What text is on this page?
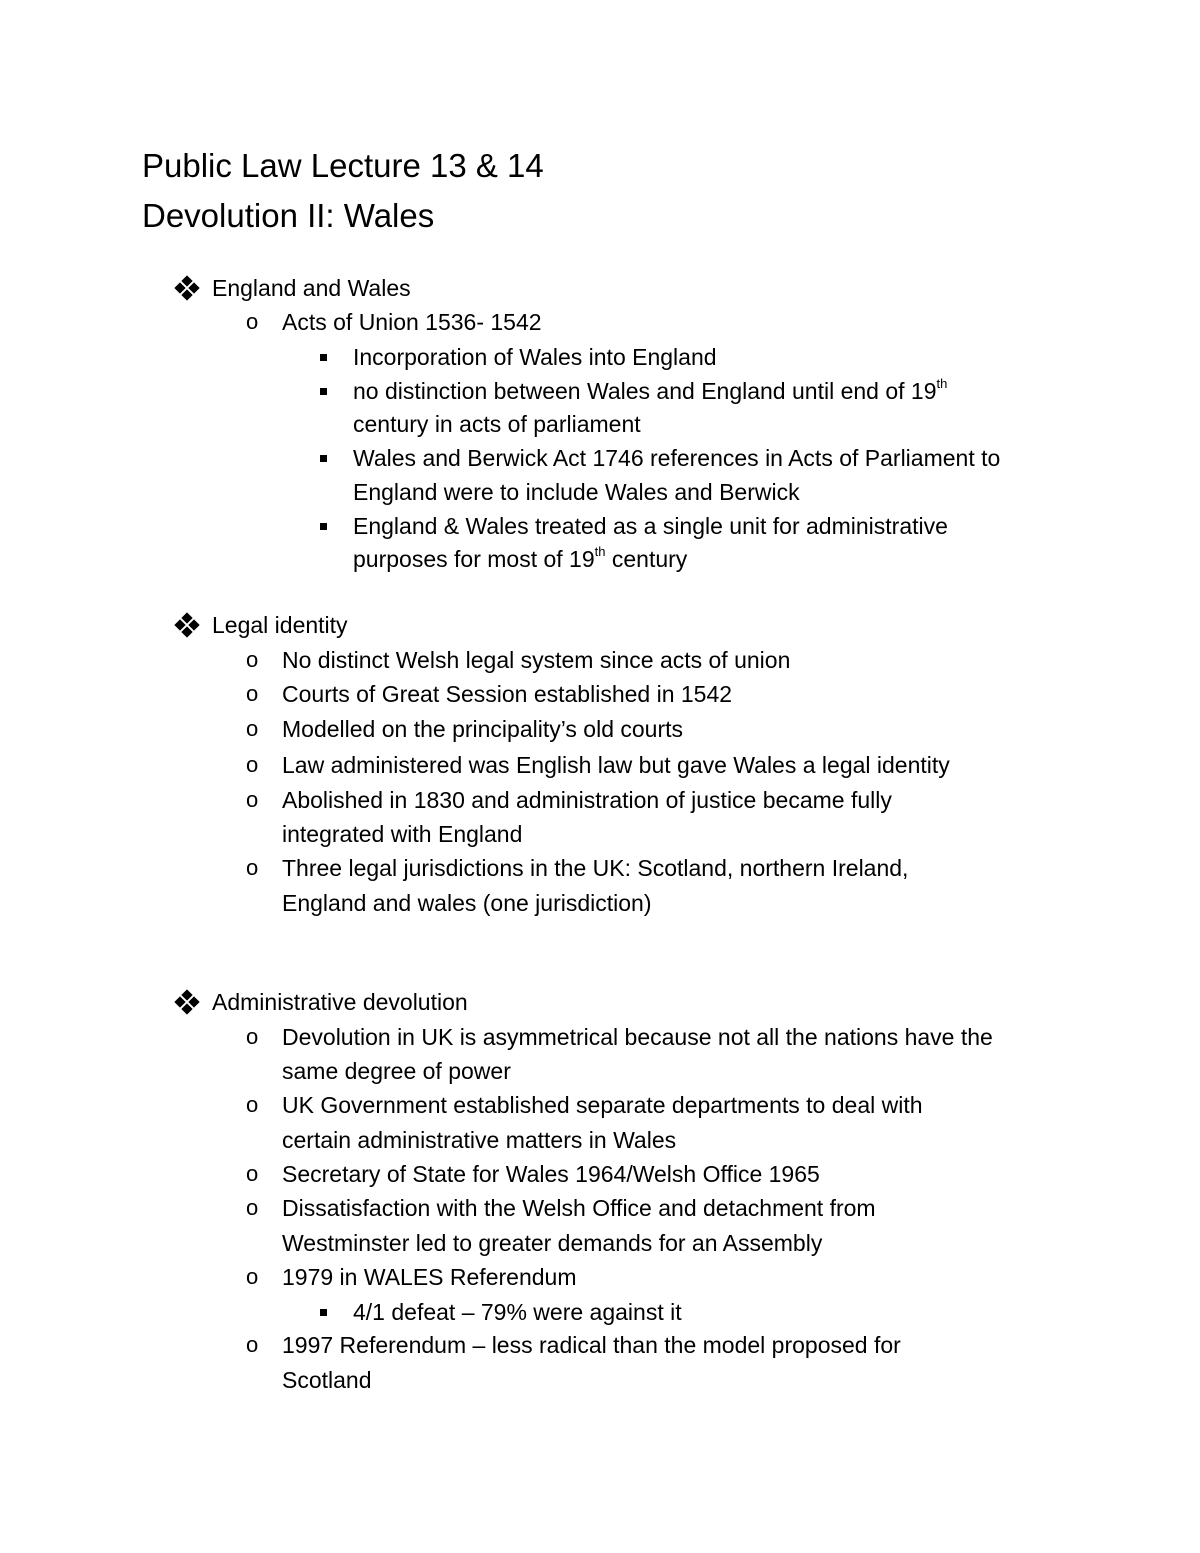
Public Law Lecture 13 & 14
Devolution II: Wales
England and Wales
o Acts of Union 1536- 1542
Incorporation of Wales into England
no distinction between Wales and England until end of 19th
century in acts of parliament
Wales and Berwick Act 1746 references in Acts of Parliament to
England were to include Wales and Berwick
England & Wales treated as a single unit for administrative
purposes for most of 19th century
Legal identity
o No distinct Welsh legal system since acts of union
o Courts of Great Session established in 1542
o Modelled on the principality’s old courts
o Law administered was English law but gave Wales a legal identity
o Abolished in 1830 and administration of justice became fully
integrated with England
o Three legal jurisdictions in the UK: Scotland, northern Ireland,
England and wales (one jurisdiction)
Administrative devolution
o Devolution in UK is asymmetrical because not all the nations have the
same degree of power
o UK Government established separate departments to deal with
certain administrative matters in Wales
o Secretary of State for Wales 1964/Welsh Office 1965
o Dissatisfaction with the Welsh Office and detachment from
Westminster led to greater demands for an Assembly
o 1979 in WALES Referendum
4/1 defeat – 79% were against it
o 1997 Referendum – less radical than the model proposed for
Scotland
